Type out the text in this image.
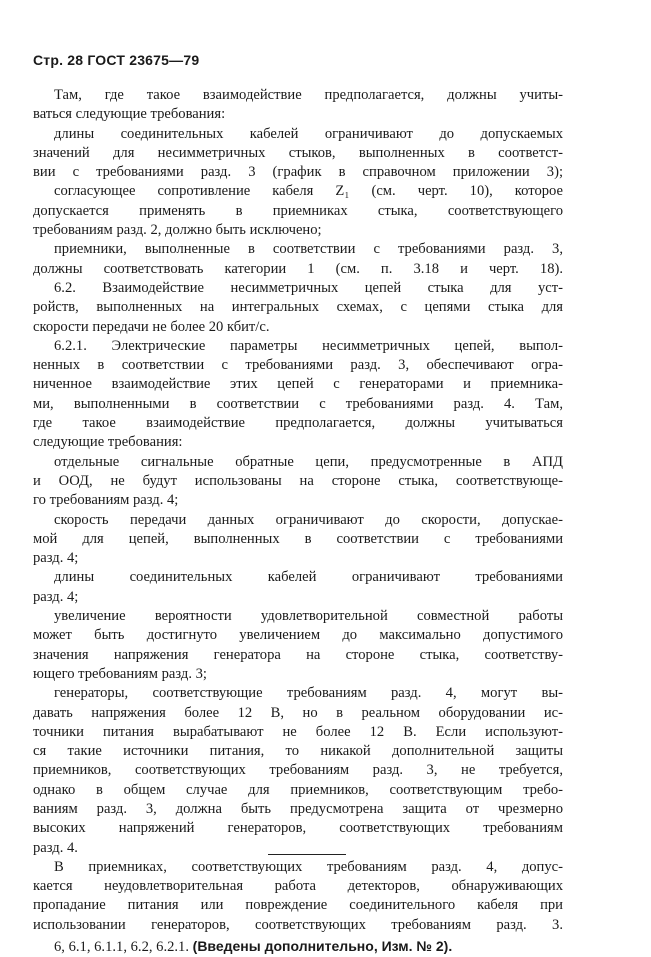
Стр. 28 ГОСТ 23675—79
Там, где такое взаимодействие предполагается, должны учиты-
ваться следующие требования:
длины соединительных кабелей ограничивают до допускаемых
значений для несимметричных стыков, выполненных в соответст-
вии с требованиями разд. 3 (график в справочном приложении 3);
согласующее сопротивление кабеля Z₁ (см. черт. 10), которое
допускается применять в приемниках стыка, соответствующего
требованиям разд. 2, должно быть исключено;
приемники, выполненные в соответствии с требованиями разд. 3,
должны соответствовать категории 1 (см. п. 3.18 и черт. 18).
6.2. Взаимодействие несимметричных цепей стыка для уст-
ройств, выполненных на интегральных схемах, с цепями стыка для
скорости передачи не более 20 кбит/с.
6.2.1. Электрические параметры несимметричных цепей, выпол-
ненных в соответствии с требованиями разд. 3, обеспечивают огра-
ниченное взаимодействие этих цепей с генераторами и приемника-
ми, выполненными в соответствии с требованиями разд. 4. Там,
где такое взаимодействие предполагается, должны учитываться
следующие требования:
отдельные сигнальные обратные цепи, предусмотренные в АПД
и ООД, не будут использованы на стороне стыка, соответствующе-
го требованиям разд. 4;
скорость передачи данных ограничивают до скорости, допускае-
мой для цепей, выполненных в соответствии с требованиями
разд. 4;
длины соединительных кабелей ограничивают требованиями
разд. 4;
увеличение вероятности удовлетворительной совместной работы
может быть достигнуто увеличением до максимально допустимого
значения напряжения генератора на стороне стыка, соответству-
ющего требованиям разд. 3;
генераторы, соответствующие требованиям разд. 4, могут вы-
давать напряжения более 12 В, но в реальном оборудовании ис-
точники питания вырабатывают не более 12 В. Если используют-
ся такие источники питания, то никакой дополнительной защиты
приемников, соответствующих требованиям разд. 3, не требуется,
однако в общем случае для приемников, соответствующим требо-
ваниям разд. 3, должна быть предусмотрена защита от чрезмерно
высоких напряжений генераторов, соответствующих требованиям
разд. 4.
В приемниках, соответствующих требованиям разд. 4, допус-
кается неудовлетворительная работа детекторов, обнаруживающих
пропадание питания или повреждение соединительного кабеля при
использовании генераторов, соответствующих требованиям разд. 3.
6, 6.1, 6.1.1, 6.2, 6.2.1. (Введены дополнительно, Изм. № 2).
